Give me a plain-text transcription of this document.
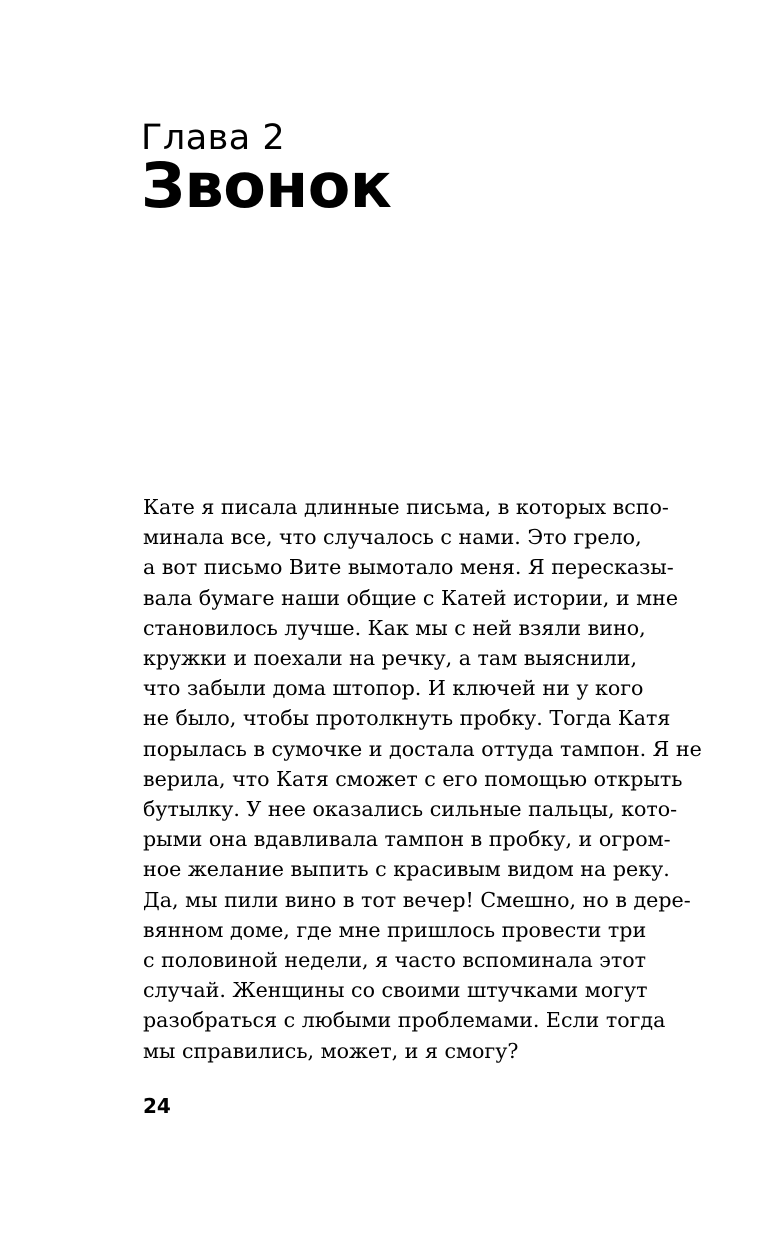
Глава 2
Звонок
Кате я писала длинные письма, в которых вспо-
минала все, что случалось с нами. Это грело,
а вот письмо Вите вымотало меня. Я пересказы-
вала бумаге наши общие с Катей истории, и мне
становилось лучше. Как мы с ней взяли вино,
кружки и поехали на речку, а там выяснили,
что забыли дома штопор. И ключей ни у кого
не было, чтобы протолкнуть пробку. Тогда Катя
порылась в сумочке и достала оттуда тампон. Я не
верила, что Катя сможет с его помощью открыть
бутылку. У нее оказались сильные пальцы, кото-
рыми она вдавливала тампон в пробку, и огром-
ное желание выпить с красивым видом на реку.
Да, мы пили вино в тот вечер! Смешно, но в дере-
вянном доме, где мне пришлось провести три
с половиной недели, я часто вспоминала этот
случай. Женщины со своими штучками могут
разобраться с любыми проблемами. Если тогда
мы справились, может, и я смогу?
24
